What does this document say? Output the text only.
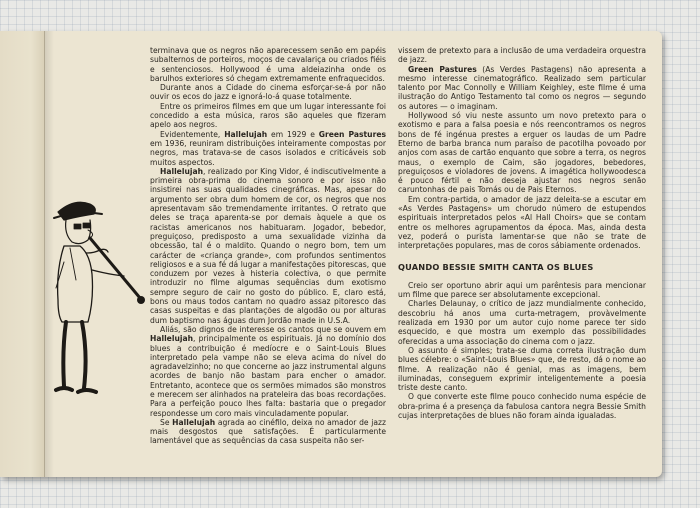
terminava que os negros não aparecessem senão em papéis subalternos de porteiros, moços de cavalariça ou criados fiéis e sentenciosos. Hollywood é uma aldeiazinha onde os barulhos exteriores só chegam extremamente enfraquecidos.

Durante anos a Cidade do cinema esforçar-se-á por não ouvir os ecos do jazz e ignorá-lo-á quase totalmente.

Entre os primeiros filmes em que um lugar interessante foi concedido a esta música, raros são aqueles que fizeram apelo aos negros.

Evidentemente, Hallelujah em 1929 e Green Pastures em 1936, reuniram distribuições inteiramente compostas por negros, mas tratava-se de casos isolados e criticáveis sob muitos aspectos.

Hallelujah, realizado por King Vidor, é indiscutivelmente a primeira obra-prima do cinema sonoro e por isso não insistirei nas suas qualidades cinegráficas. Mas, apesar do argumento ser obra dum homem de cor, os negros que nos apresentavam são tremendamente irritantes. O retrato que deles se traça aparenta-se por demais àquele a que os racistas americanos nos habituaram. Jogador, bebedor, preguiçoso, predisposto a uma sexualidade vizinha da obcessão, tal é o maldito. Quando o negro bom, tem um carácter de «criança grande», com profundos sentimentos religiosos e a sua fé dá lugar a manifestações pitorescas, que conduzem por vezes à histeria colectiva, o que permite introduzir no filme algumas sequências dum exotismo sempre seguro de cair no gosto do público. E, claro está, bons ou maus todos cantam no quadro assaz pitoresco das casas suspeitas e das plantações de algodão ou por alturas dum baptismo nas águas dum Jordão made in U.S.A.

Aliás, são dignos de interesse os cantos que se ouvem em Hallelujah, principalmente os espirituais. Já no domínio dos blues a contribuição é medíocre e o Saint-Louis Blues interpretado pela vampe não se eleva acima do nível do agradavelzinho; no que concerne ao jazz instrumental alguns acordes de banjo não bastam para encher o amador. Entretanto, acontece que os sermões mimados são monstros e merecem ser alinhados na prateleira das boas recordações. Para a perfeição pouco lhes falta: bastaria que o pregador respondesse um coro mais vinculadamente popular.

Se Hallelujah agrada ao cinéfilo, deixa no amador de jazz mais desgostos que satisfações. É particularmente lamentável que as sequências da casa suspeita não ser-

vissem de pretexto para a inclusão de uma verdadeira orquestra de jazz.

Green Pastures (As Verdes Pastagens) não apresenta a mesmo interesse cinematográfico. Realizado sem particular talento por Mac Connolly e William Keighley, este filme é uma ilustração do Antigo Testamento tal como os negros — segundo os autores — o imaginam.

Hollywood só viu neste assunto um novo pretexto para o exotismo e para a falsa poesia e nós reencontramos os negros bons de fé ingénua prestes a erguer os laudas de um Padre Eterno de barba branca num paraíso de pacotilha povoado por anjos com asas de cartão enquanto que sobre a terra, os negros maus, o exemplo de Caim, são jogadores, bebedores, preguiçosos e violadores de jovens. A imagética hollywoodesca é pouco fértil e não deseja ajustar nos negros senão caruntonhas de pais Tomás ou de Pais Eternos.

Em contra-partida, o amador de jazz deleita-se a escutar em «As Verdes Pastagens» um chorudo número de estupendos espirituais interpretados pelos «Al Hall Choirs» que se contam entre os melhores agrupamentos da época. Mas, ainda desta vez, poderá o purista lamentar-se que não se trate de interpretações populares, mas de coros sábiamente ordenados.

QUANDO BESSIE SMITH CANTA OS BLUES

Creio ser oportuno abrir aqui um parêntesis para mencionar um filme que parece ser absolutamente excepcional.

Charles Delaunay, o crítico de jazz mundialmente conhecido, descobriu há anos uma curta-metragem, provàvelmente realizada em 1930 por um autor cujo nome parece ter sido esquecido, e que mostra um exemplo das possibilidades oferecidas a uma associação do cinema com o jazz.

O assunto é simples; trata-se duma correta ilustração dum blues célebre: o «Saint-Louis Blues» que, de resto, dá o nome ao filme. A realização não é genial, mas as imagens, bem iluminadas, conseguem exprimir inteligentemente a poesia triste deste canto.

O que converte este filme pouco conhecido numa espécie de obra-prima é a presença da fabulosa cantora negra Bessie Smith cujas interpretações de blues não foram ainda igualadas.
